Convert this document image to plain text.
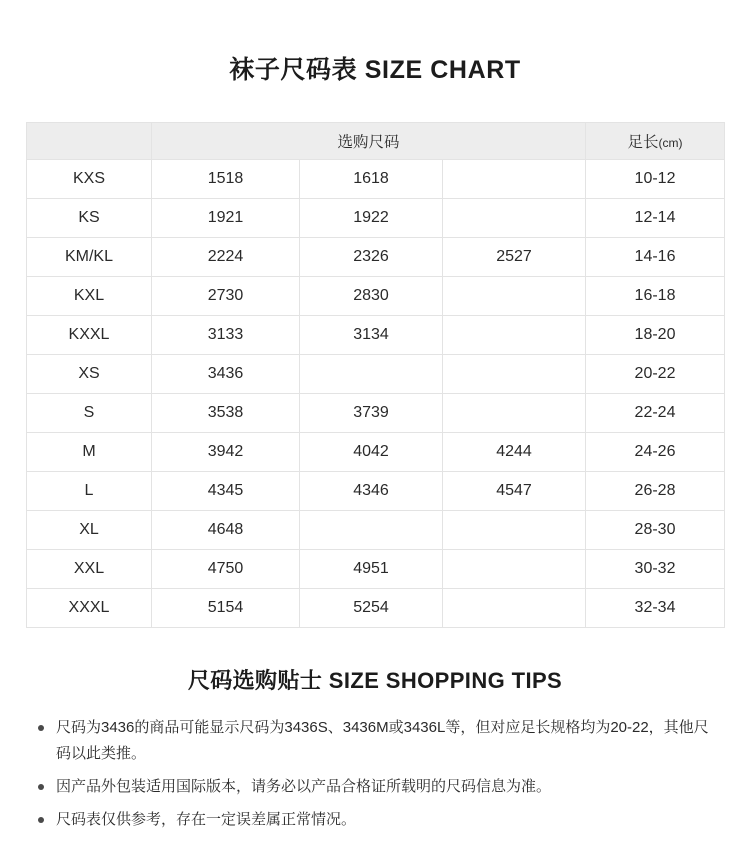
袜子尺码表 SIZE CHART
	选购尺码			足长(cm)
KXS	1518	1618		10-12
KS	1921	1922		12-14
KM/KL	2224	2326	2527	14-16
KXL	2730	2830		16-18
KXXL	3133	3134		18-20
XS	3436			20-22
S	3538	3739		22-24
M	3942	4042	4244	24-26
L	4345	4346	4547	26-28
XL	4648			28-30
XXL	4750	4951		30-32
XXXL	5154	5254		32-34
尺码选购贴士 SIZE SHOPPING TIPS
尺码为3436的商品可能显示尺码为3436S、3436M或3436L等，但对应足长规格均为20-22，其他尺码以此类推。
因产品外包装适用国际版本，请务必以产品合格证所载明的尺码信息为准。
尺码表仅供参考，存在一定误差属正常情况。
